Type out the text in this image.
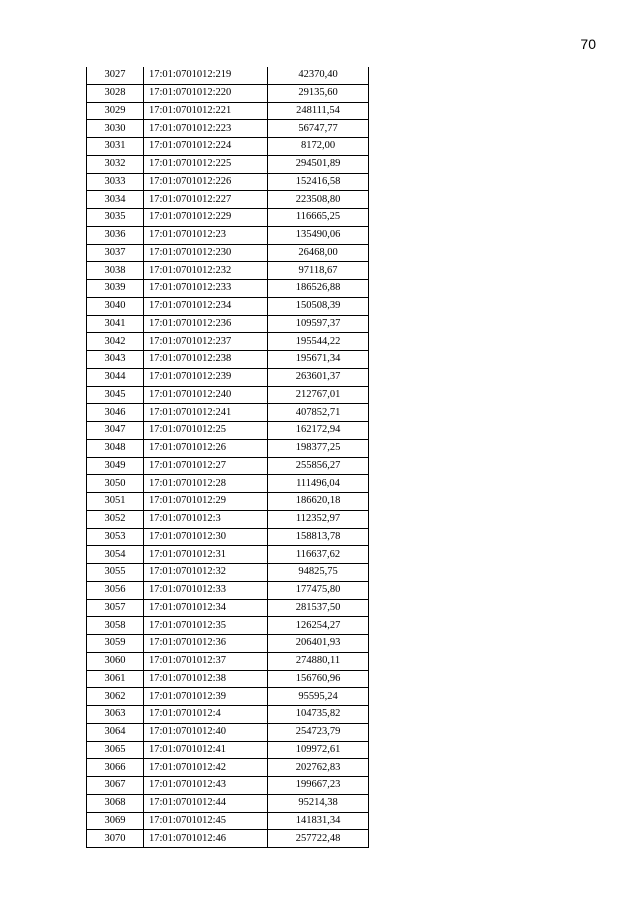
70
3027	17:01:0701012:219	42370,40
3028	17:01:0701012:220	29135,60
3029	17:01:0701012:221	248111,54
3030	17:01:0701012:223	56747,77
3031	17:01:0701012:224	8172,00
3032	17:01:0701012:225	294501,89
3033	17:01:0701012:226	152416,58
3034	17:01:0701012:227	223508,80
3035	17:01:0701012:229	116665,25
3036	17:01:0701012:23	135490,06
3037	17:01:0701012:230	26468,00
3038	17:01:0701012:232	97118,67
3039	17:01:0701012:233	186526,88
3040	17:01:0701012:234	150508,39
3041	17:01:0701012:236	109597,37
3042	17:01:0701012:237	195544,22
3043	17:01:0701012:238	195671,34
3044	17:01:0701012:239	263601,37
3045	17:01:0701012:240	212767,01
3046	17:01:0701012:241	407852,71
3047	17:01:0701012:25	162172,94
3048	17:01:0701012:26	198377,25
3049	17:01:0701012:27	255856,27
3050	17:01:0701012:28	111496,04
3051	17:01:0701012:29	186620,18
3052	17:01:0701012:3	112352,97
3053	17:01:0701012:30	158813,78
3054	17:01:0701012:31	116637,62
3055	17:01:0701012:32	94825,75
3056	17:01:0701012:33	177475,80
3057	17:01:0701012:34	281537,50
3058	17:01:0701012:35	126254,27
3059	17:01:0701012:36	206401,93
3060	17:01:0701012:37	274880,11
3061	17:01:0701012:38	156760,96
3062	17:01:0701012:39	95595,24
3063	17:01:0701012:4	104735,82
3064	17:01:0701012:40	254723,79
3065	17:01:0701012:41	109972,61
3066	17:01:0701012:42	202762,83
3067	17:01:0701012:43	199667,23
3068	17:01:0701012:44	95214,38
3069	17:01:0701012:45	141831,34
3070	17:01:0701012:46	257722,48
